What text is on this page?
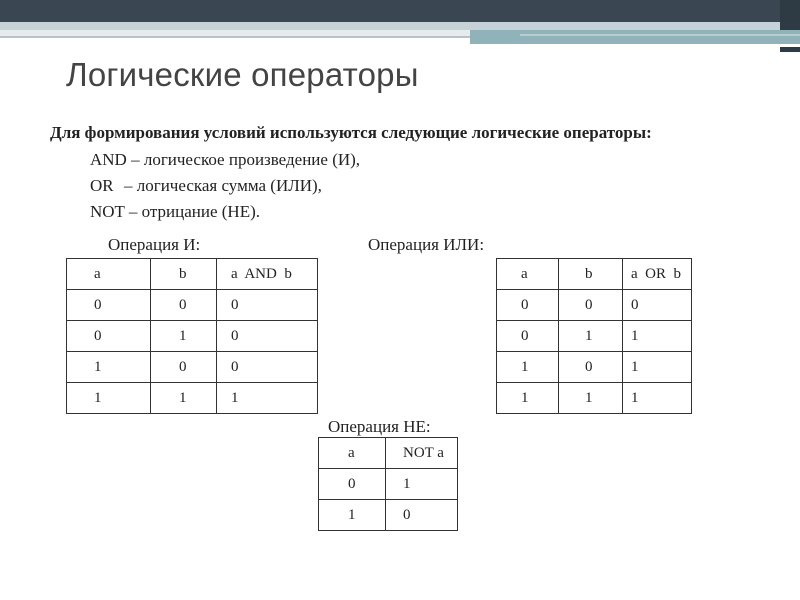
Логические операторы
Для формирования условий используются следующие логические операторы:
AND – логическое произведение (И),
OR – логическая сумма (ИЛИ),
NOT – отрицание (НЕ).
Операция И:	Операция ИЛИ:
Операция НЕ:
a	b	a  AND  b
0	0	0
0	1	0
1	0	0
1	1	1
a	b	a  OR  b
0	0	0
0	1	1
1	0	1
1	1	1
a	NOT a
0	1
1	0
